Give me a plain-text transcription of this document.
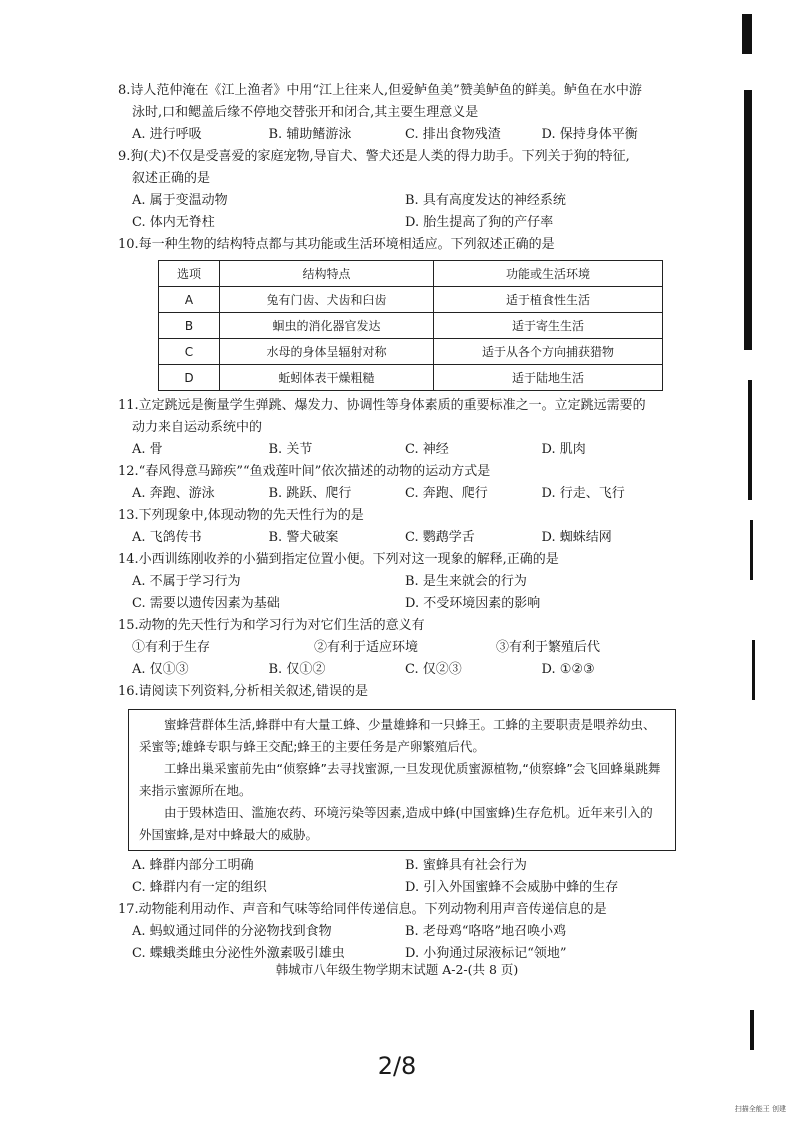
8.诗人范仲淹在《江上渔者》中用“江上往来人,但爱鲈鱼美”赞美鲈鱼的鲜美。鲈鱼在水中游
泳时,口和鳃盖后缘不停地交替张开和闭合,其主要生理意义是
A. 进行呼吸	B. 辅助鳍游泳	C. 排出食物残渣	D. 保持身体平衡
9.狗(犬)不仅是受喜爱的家庭宠物,导盲犬、警犬还是人类的得力助手。下列关于狗的特征,
叙述正确的是
A. 属于变温动物	B. 具有高度发达的神经系统
C. 体内无脊柱	D. 胎生提高了狗的产仔率
10.每一种生物的结构特点都与其功能或生活环境相适应。下列叙述正确的是
选项	结构特点	功能或生活环境
A	兔有门齿、犬齿和臼齿	适于植食性生活
B	蛔虫的消化器官发达	适于寄生生活
C	水母的身体呈辐射对称	适于从各个方向捕获猎物
D	蚯蚓体表干燥粗糙	适于陆地生活
11.立定跳远是衡量学生弹跳、爆发力、协调性等身体素质的重要标准之一。立定跳远需要的
动力来自运动系统中的
A. 骨	B. 关节	C. 神经	D. 肌肉
12.“春风得意马蹄疾”“鱼戏莲叶间”依次描述的动物的运动方式是
A. 奔跑、游泳	B. 跳跃、爬行	C. 奔跑、爬行	D. 行走、飞行
13.下列现象中,体现动物的先天性行为的是
A. 飞鸽传书	B. 警犬破案	C. 鹦鹉学舌	D. 蜘蛛结网
14.小西训练刚收养的小猫到指定位置小便。下列对这一现象的解释,正确的是
A. 不属于学习行为	B. 是生来就会的行为
C. 需要以遗传因素为基础	D. 不受环境因素的影响
15.动物的先天性行为和学习行为对它们生活的意义有
①有利于生存	②有利于适应环境	③有利于繁殖后代
A. 仅①③	B. 仅①②	C. 仅②③	D. ①②③
16.请阅读下列资料,分析相关叙述,错误的是

蜜蜂营群体生活,蜂群中有大量工蜂、少量雄蜂和一只蜂王。工蜂的主要职责是喂养幼虫、采蜜等;雄蜂专职与蜂王交配;蜂王的主要任务是产卵繁殖后代。

工蜂出巢采蜜前先由“侦察蜂”去寻找蜜源,一旦发现优质蜜源植物,“侦察蜂”会飞回蜂巢跳舞来指示蜜源所在地。

由于毁林造田、滥施农药、环境污染等因素,造成中蜂(中国蜜蜂)生存危机。近年来引入的外国蜜蜂,是对中蜂最大的威胁。

A. 蜂群内部分工明确	B. 蜜蜂具有社会行为
C. 蜂群内有一定的组织	D. 引入外国蜜蜂不会威胁中蜂的生存
17.动物能利用动作、声音和气味等给同伴传递信息。下列动物利用声音传递信息的是
A. 蚂蚁通过同伴的分泌物找到食物	B. 老母鸡“咯咯”地召唤小鸡
C. 蝶蛾类雌虫分泌性外激素吸引雄虫	D. 小狗通过尿液标记“领地”
韩城市八年级生物学期末试题 A-2-(共 8 页)
2/8
扫描全能王 创建
